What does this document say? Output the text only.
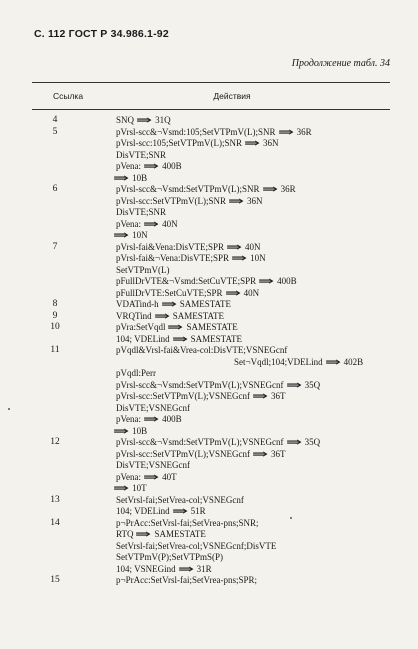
С. 112 ГОСТ Р 34.986.1-92
Продолжение табл. 34
Ссылка	Действия
4	SNQ ⇒ 31Q
5	pVrsl-scc&¬Vsmd:105;SetVTPmV(L);SNR ⇒ 36R
pVrsl-scc:105;SetVTPmV(L);SNR ⇒ 36N
DisVTE;SNR
pVena: ⇒ 400B
⇒ 10B
6	pVrsl-scc&¬Vsmd:SetVTPmV(L);SNR ⇒ 36R
pVrsl-scc:SetVTPmV(L);SNR ⇒ 36N
DisVTE;SNR
pVena: ⇒ 40N
⇒ 10N
7	pVrsl-fai&Vena:DisVTE;SPR ⇒ 40N
pVrsl-fai&¬Vena:DisVTE;SPR ⇒ 10N
SetVTPmV(L)
pFullDrVTE&¬Vsmd:SetCuVTE;SPR ⇒ 400B
pFullDrVTE:SetCuVTE;SPR ⇒ 40N
8	VDATind-h ⇒ SAMESTATE
9	VRQTind ⇒ SAMESTATE
10	pVra:SetVqdl ⇒ SAMESTATE
104; VDELind ⇒ SAMESTATE
11	pVqdl&Vrsl-fai&Vrea-col:DisVTE;VSNEGcnf
Set¬Vqdl;104;VDELind ⇒ 402B
pVqdl:Perr
pVrsl-scc&¬Vsmd:SetVTPmV(L);VSNEGcnf ⇒ 35Q
pVrsl-scc:SetVTPmV(L);VSNEGcnf ⇒ 36T
DisVTE;VSNEGcnf
pVena: ⇒ 400B
⇒ 10B
12	pVrsl-scc&¬Vsmd:SetVTPmV(L);VSNEGcnf ⇒ 35Q
pVrsl-scc:SetVTPmV(L);VSNEGcnf ⇒ 36T
DisVTE;VSNEGcnf
pVena: ⇒ 40T
⇒ 10T
13	SetVrsl-fai;SetVrea-col;VSNEGcnf
104; VDELind ⇒ 51R
14	p¬PrAcc:SetVrsl-fai;SetVrea-pns;SNR;
RTQ ⇒ SAMESTATE
SetVrsl-fai;SetVrea-col;VSNEGcnf;DisVTE
SetVTPmV(P);SetVTPmS(P)
104; VSNEGind ⇒ 31R
15	p¬PrAcc:SetVrsl-fai;SetVrea-pns;SPR;
